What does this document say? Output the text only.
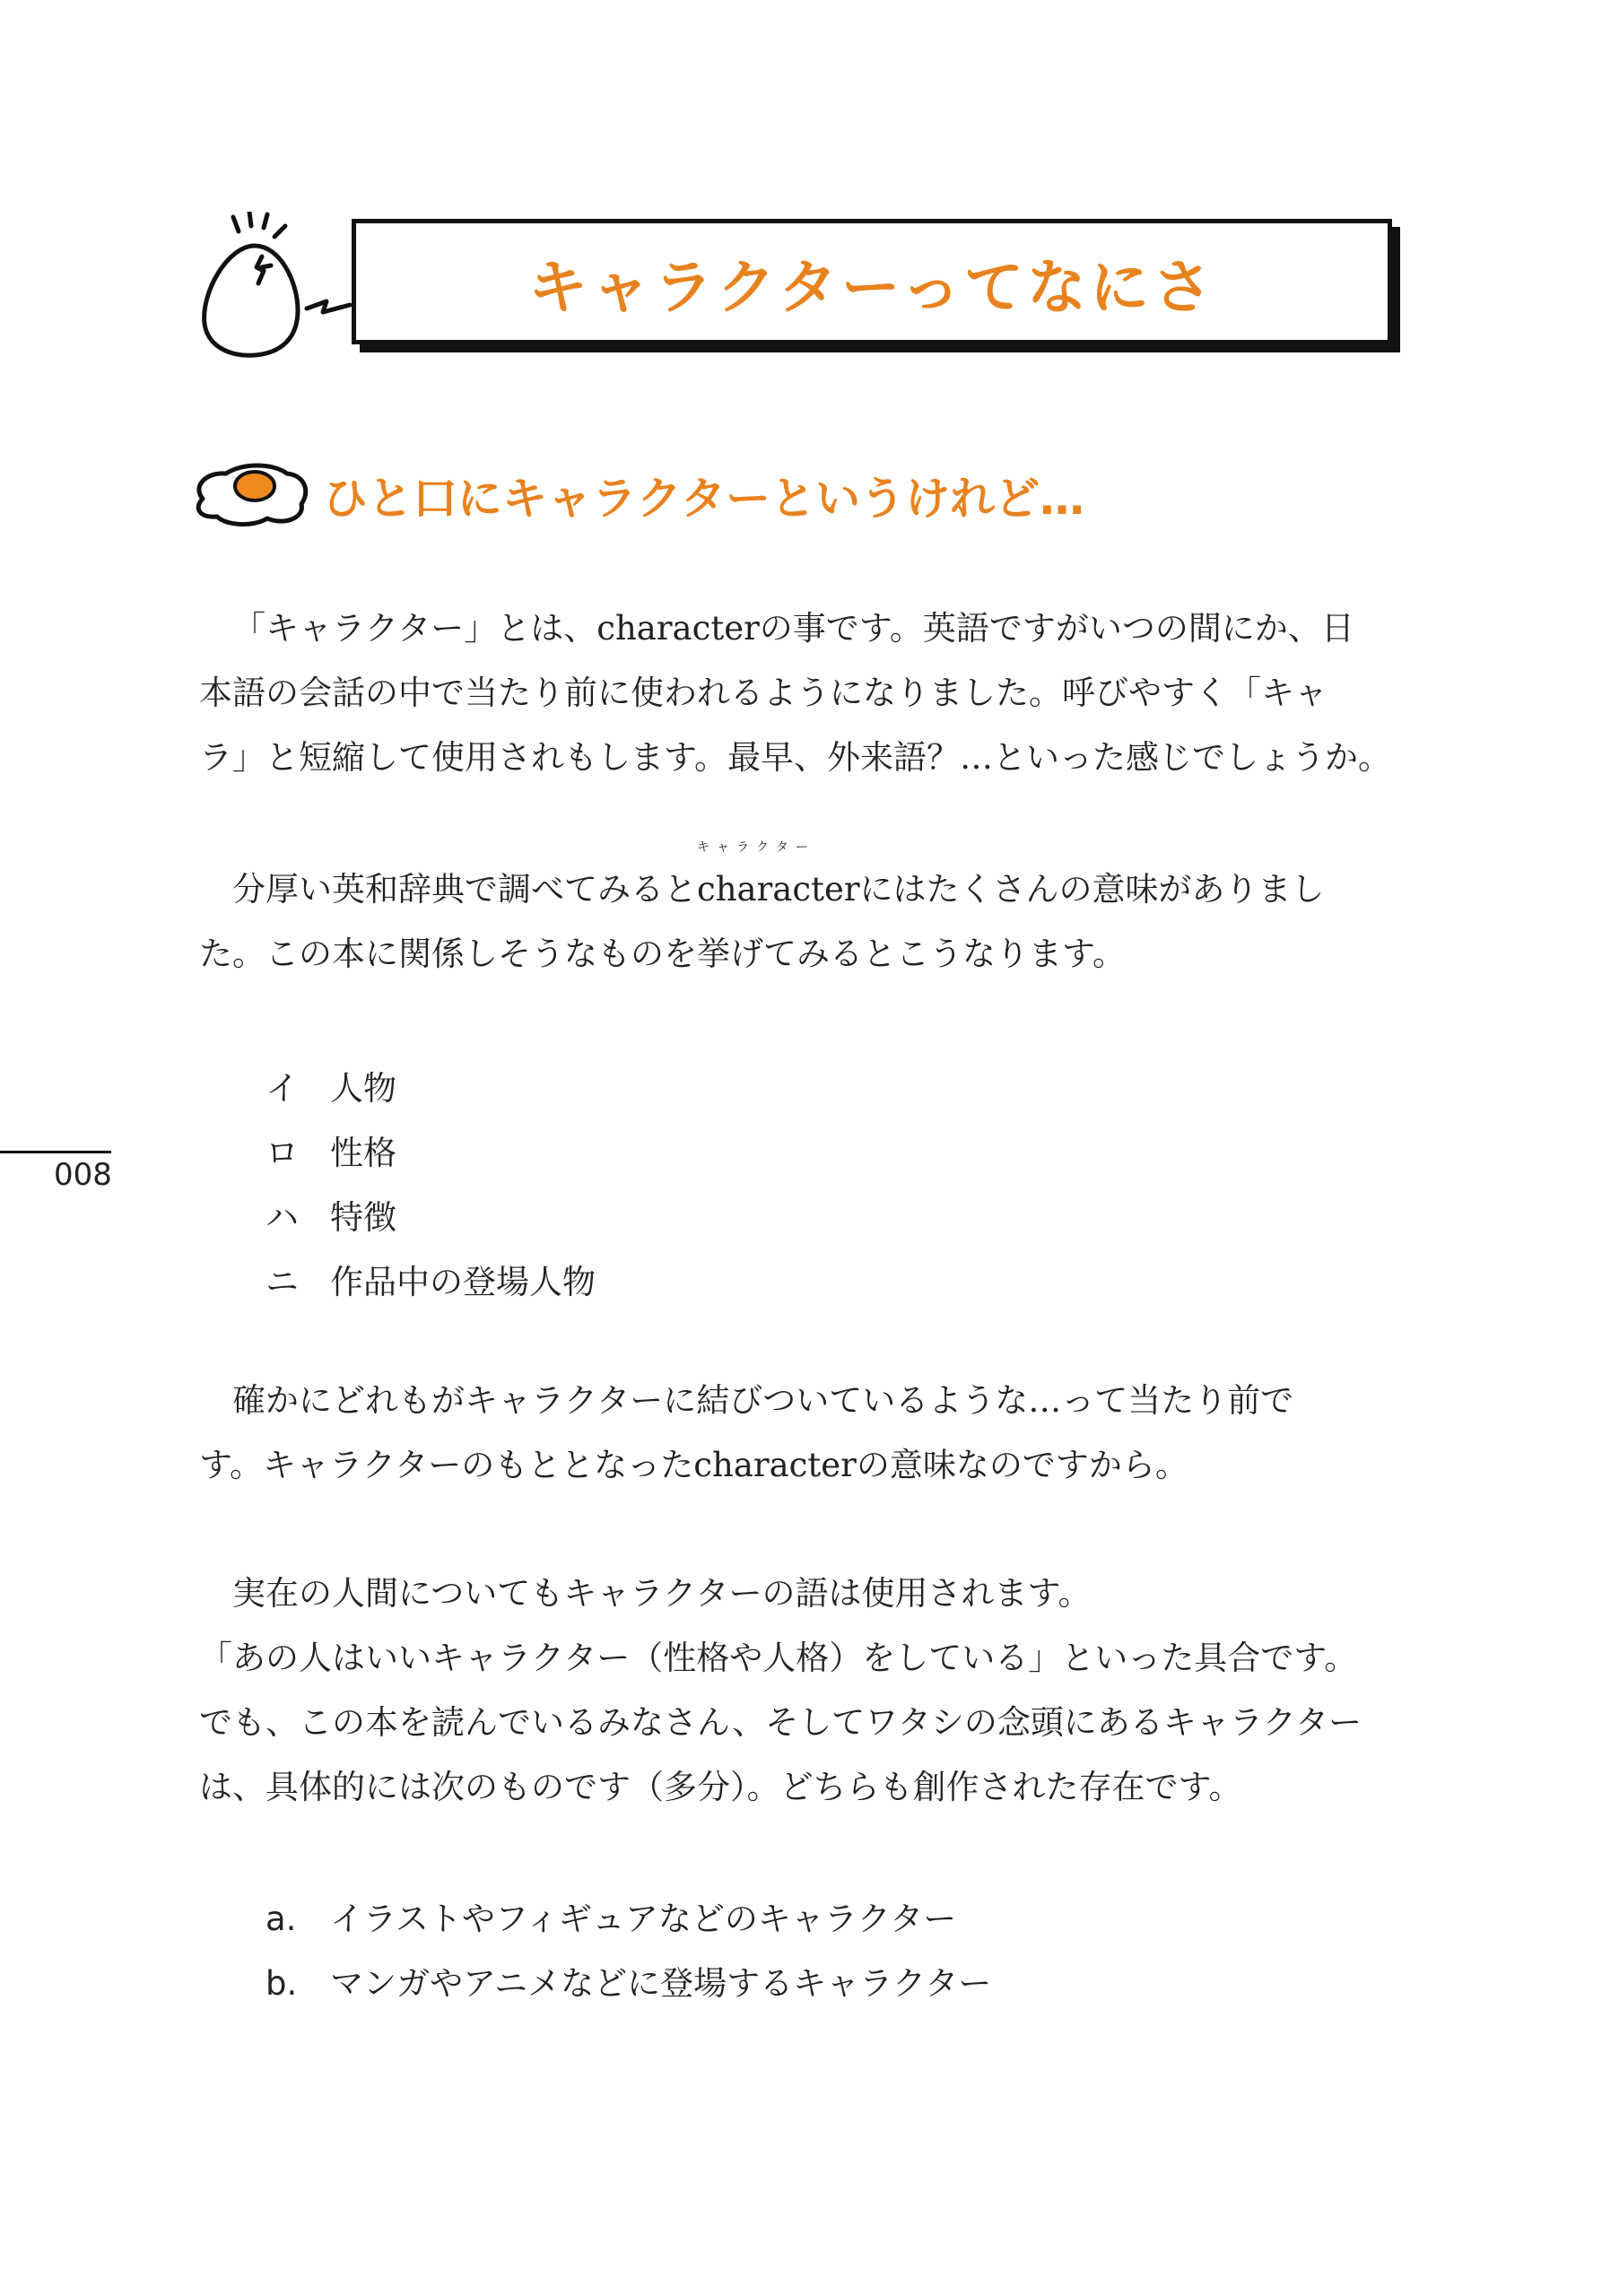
キャラクターってなにさ
ひと口にキャラクターというけれど…
「キャラクター」とは、characterの事です。英語ですがいつの間にか、日
本語の会話の中で当たり前に使われるようになりました。呼びやすく「キャ
ラ」と短縮して使用されもします。最早、外来語？…といった感じでしょうか。
分厚い英和辞典で調べてみると
キャラクター
characterにはたくさんの意味がありまし
た。この本に関係しそうなものを挙げてみるとこうなります。
イ 人物
ロ 性格
ハ 特徴
ニ 作品中の登場人物
確かにどれもがキャラクターに結びついているような…って当たり前で
す。キャラクターのもととなったcharacterの意味なのですから。
実在の人間についてもキャラクターの語は使用されます。
「あの人はいいキャラクター（性格や人格）をしている」といった具合です。
でも、この本を読んでいるみなさん、そしてワタシの念頭にあるキャラクター
は、具体的には次のものです（多分）。どちらも創作された存在です。
a. イラストやフィギュアなどのキャラクター
b. マンガやアニメなどに登場するキャラクター
008
